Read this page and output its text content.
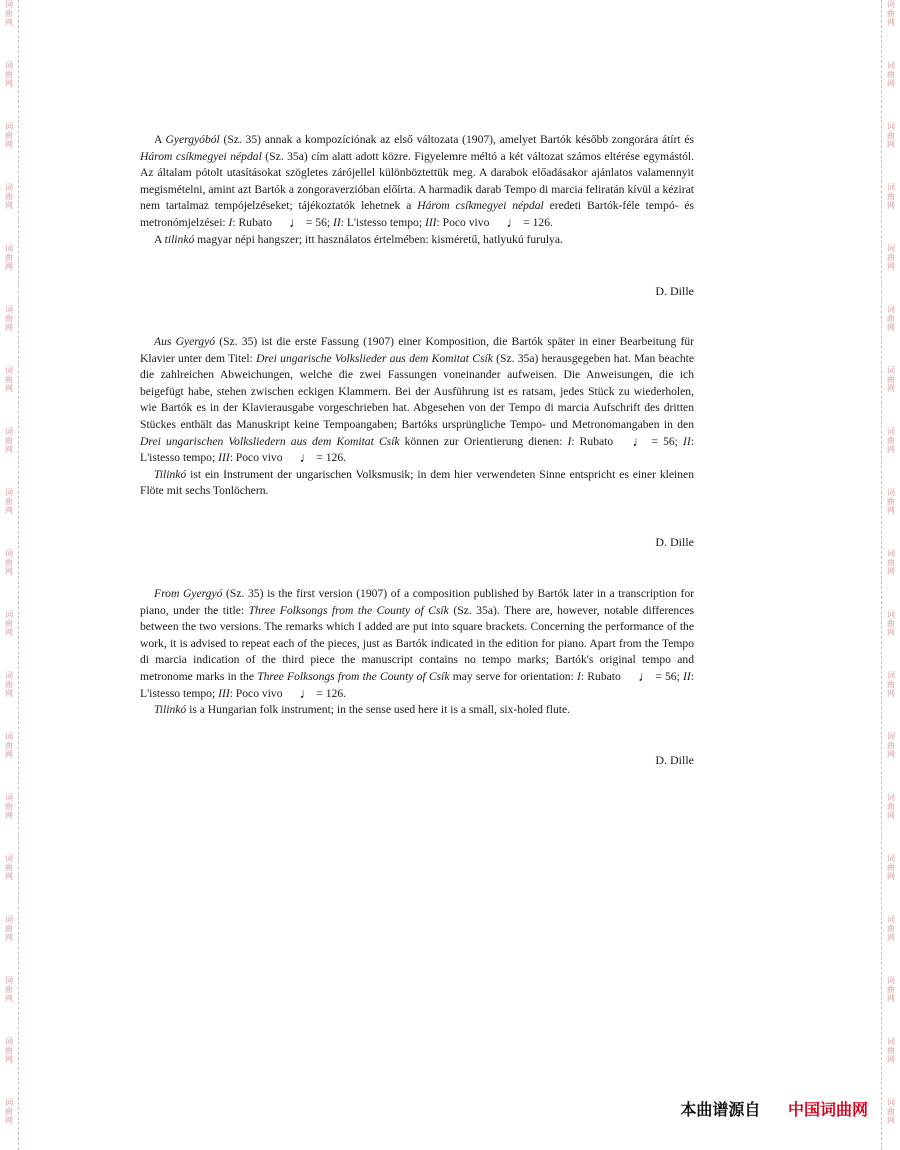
A Gyergyóból (Sz. 35) annak a kompozíciónak az első változata (1907), amelyet Bartók később zongorára átírt és Három csíkmegyei népdal (Sz. 35a) cím alatt adott közre. Figyelemre méltó a két változat számos eltérése egymástól. Az általam pótolt utasításokat szögletes zárójellel különböztettük meg. A darabok előadásakor ajánlatos valamennyit megismételni, amint azt Bartók a zongoraverzióban előírta. A harmadik darab Tempo di marcia feliratán kívül a kézirat nem tartalmaz tempójelzéseket; tájékoztatók lehetnek a Három csíkmegyei népdal eredeti Bartók-féle tempó- és metronómjelzései: I: Rubato ♩ = 56; II: L'istesso tempo; III: Poco vivo ♩ = 126.

A tilinkó magyar népi hangszer; itt használatos értelmében: kisméretű, hatlyukú furulya.

D. Dille

Aus Gyergyó (Sz. 35) ist die erste Fassung (1907) einer Komposition, die Bartók später in einer Bearbeitung für Klavier unter dem Titel: Drei ungarische Volkslieder aus dem Komitat Csík (Sz. 35a) herausgegeben hat. Man beachte die zahlreichen Abweichungen, welche die zwei Fassungen voneinander aufweisen. Die Anweisungen, die ich beigefügt habe, stehen zwischen eckigen Klammern. Bei der Ausführung ist es ratsam, jedes Stück zu wiederholen, wie Bartók es in der Klavierausgabe vorgeschrieben hat. Abgesehen von der Tempo di marcia Aufschrift des dritten Stückes enthält das Manuskript keine Tempoangaben; Bartóks ursprüngliche Tempo- und Metronomangaben in den Drei ungarischen Volksliedern aus dem Komitat Csík können zur Orientierung dienen: I: Rubato ♩ = 56; II: L'istesso tempo; III: Poco vivo ♩ = 126.

Tilinkó ist ein Instrument der ungarischen Volksmusik; in dem hier verwendeten Sinne entspricht es einer kleinen Flöte mit sechs Tonlöchern.

D. Dille

From Gyergyó (Sz. 35) is the first version (1907) of a composition published by Bartók later in a transcription for piano, under the title: Three Folksongs from the County of Csík (Sz. 35a). There are, however, notable differences between the two versions. The remarks which I added are put into square brackets. Concerning the performance of the work, it is advised to repeat each of the pieces, just as Bartók indicated in the edition for piano. Apart from the Tempo di marcia indication of the third piece the manuscript contains no tempo marks; Bartók's original tempo and metronome marks in the Three Folksongs from the County of Csík may serve for orientation: I: Rubato ♩ = 56; II: L'istesso tempo; III: Poco vivo ♩ = 126.

Tilinkó is a Hungarian folk instrument; in the sense used here it is a small, six-holed flute.

D. Dille
本曲谱源自 中国词曲网
词
曲
网
词
曲
网
词
曲
网
词
曲
网
词
曲
网
词
曲
网
词
曲
网
词
曲
网
词
曲
网
词
曲
网
词
曲
网
词
曲
网
词
曲
网
词
曲
网
词
曲
网
词
曲
网
词
曲
网
词
曲
网
词
曲
网
词
曲
网
词
曲
网
词
曲
网
词
曲
网
词
曲
网
词
曲
网
词
曲
网
词
曲
网
词
曲
网
词
曲
网
词
曲
网
词
曲
网
词
曲
网
词
曲
网
词
曲
网
词
曲
网
词
曲
网
词
曲
网
词
曲
网
